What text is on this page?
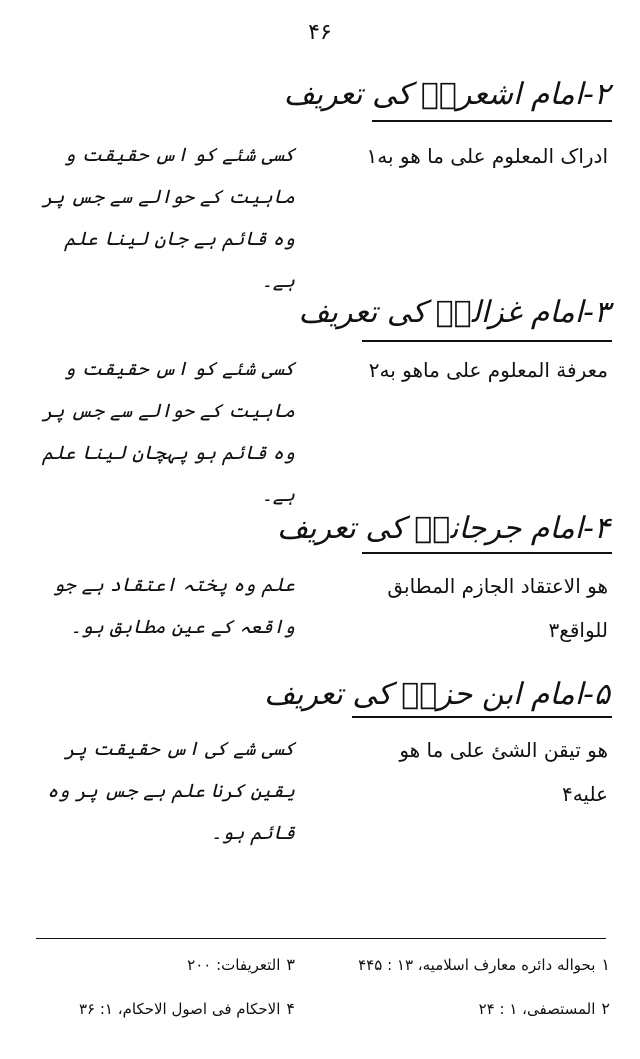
۴۶
۲-امام اشعریؒ کی تعریف
ادراک المعلوم علی ما هو به۱
کسی شئے کو اس حقیقت و ماہیت کے حوالے سے جس پر وہ قائم ہے جان لینا علم ہے۔
۳-امام غزالیؒ کی تعریف
معرفة المعلوم علی ماهو به۲
کسی شئے کو اس حقیقت و ماہیت کے حوالے سے جس پر وہ قائم ہو پہچان لینا علم ہے۔
۴-امام جرجانیؒ کی تعریف
هو الاعتقاد الجازم المطابق للواقع۳
علم وہ پختہ اعتقاد ہے جو واقعہ کے عین مطابق ہو۔
۵-امام ابن حزمؒ کی تعریف
هو تیقن الشئ علی ما هو علیه۴
کسی شے کی اس حقیقت پر یقین کرنا علم ہے جس پر وہ قائم ہو۔
۱بحواله دائره معارف اسلامیه، ۱۳ : ۴۴۵
۳التعریفات: ۲۰۰
۲المستصفی، ۱ : ۲۴
۴الاحکام فی اصول الاحکام، ۱: ۳۶
